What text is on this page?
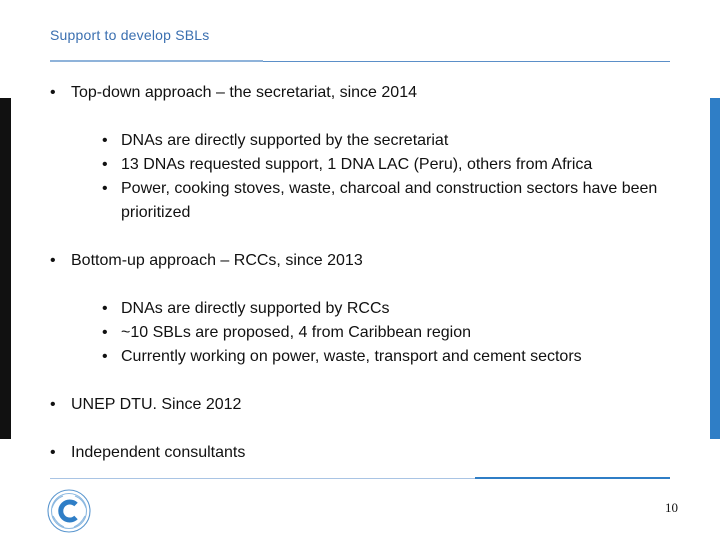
Support to develop SBLs
• Top-down approach – the secretariat, since 2014
• DNAs are directly supported by the secretariat
• 13 DNAs requested support, 1 DNA LAC (Peru), others from Africa
• Power, cooking stoves, waste, charcoal and construction sectors have been prioritized
• Bottom-up approach – RCCs, since 2013
• DNAs are directly supported by RCCs
• ~10 SBLs are proposed, 4 from Caribbean region
• Currently working on power, waste, transport and cement sectors
• UNEP DTU. Since 2012
• Independent consultants
10
